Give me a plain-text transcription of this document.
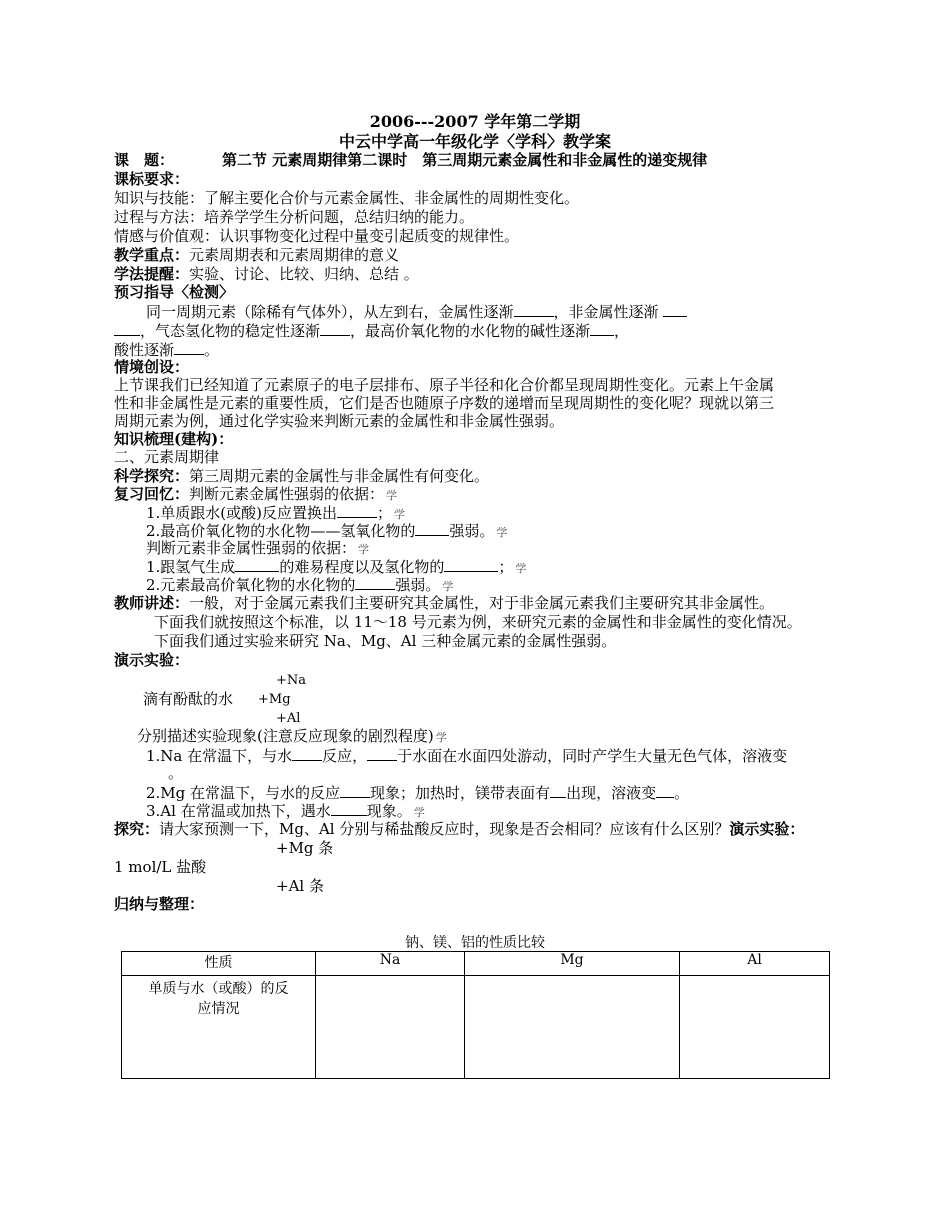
2006---2007 学年第二学期
中云中学高一年级化学〈学科〉教学案
课　题：	第二节 元素周期律第二课时　第三周期元素金属性和非金属性的递变规律
课标要求：
知识与技能：了解主要化合价与元素金属性、非金属性的周期性变化。
过程与方法：培养学学生分析问题，总结归纳的能力。
情感与价值观：认识事物变化过程中量变引起质变的规律性。
教学重点：元素周期表和元素周期律的意义
学法提醒：实验、讨论、比较、归纳、总结 。
预习指导〈检测〉
同一周期元素（除稀有气体外），从左到右，金属性逐渐	，非金属性逐渐
，气态氢化物的稳定性逐渐 ，最高价氧化物的水化物的碱性逐渐 ，
酸性逐渐 。
情境创设：
上节课我们已经知道了元素原子的电子层排布、原子半径和化合价都呈现周期性变化。元素上午金属
性和非金属性是元素的重要性质，它们是否也随原子序数的递增而呈现周期性的变化呢？现就以第三
周期元素为例，通过化学实验来判断元素的金属性和非金属性强弱。
知识梳理(建构)：
二、元素周期律
科学探究：第三周期元素的金属性与非金属性有何变化。
复习回忆：判断元素金属性强弱的依据： 学
1.单质跟水(或酸)反应置换出	； 学
2.最高价氧化物的水化物——氢氧化物的 强弱。 学
判断元素非金属性强弱的依据： 学
1.跟氢气生成	的难易程度以及氢化物的	； 学
2.元素最高价氧化物的水化物的	强弱。 学
教师讲述：一般，对于金属元素我们主要研究其金属性，对于非金属元素我们主要研究其非金属性。
下面我们就按照这个标准，以 11～18 号元素为例，来研究元素的金属性和非金属性的变化情况。
下面我们通过实验来研究 Na、Mg、Al 三种金属元素的金属性强弱。
演示实验：
+Na
滴有酚酞的水 +Mg
+Al
分别描述实验现象(注意反应现象的剧烈程度) 学
1.Na 在常温下，与水 反应， 于水面在水面四处游动，同时产学生大量无色气体，溶液变
。
2.Mg 在常温下，与水的反应 现象；加热时，镁带表面有 出现，溶液变 。
3.Al 在常温或加热下，遇水 现象。 学
探究：请大家预测一下，Mg、Al 分别与稀盐酸反应时，现象是否会相同？应该有什么区别？演示实验：
+Mg 条
1 mol/L 盐酸
+Al 条
归纳与整理：
钠、镁、铝的性质比较
性质	Na	Mg	Al

单质与水（或酸）的反
应情况			
